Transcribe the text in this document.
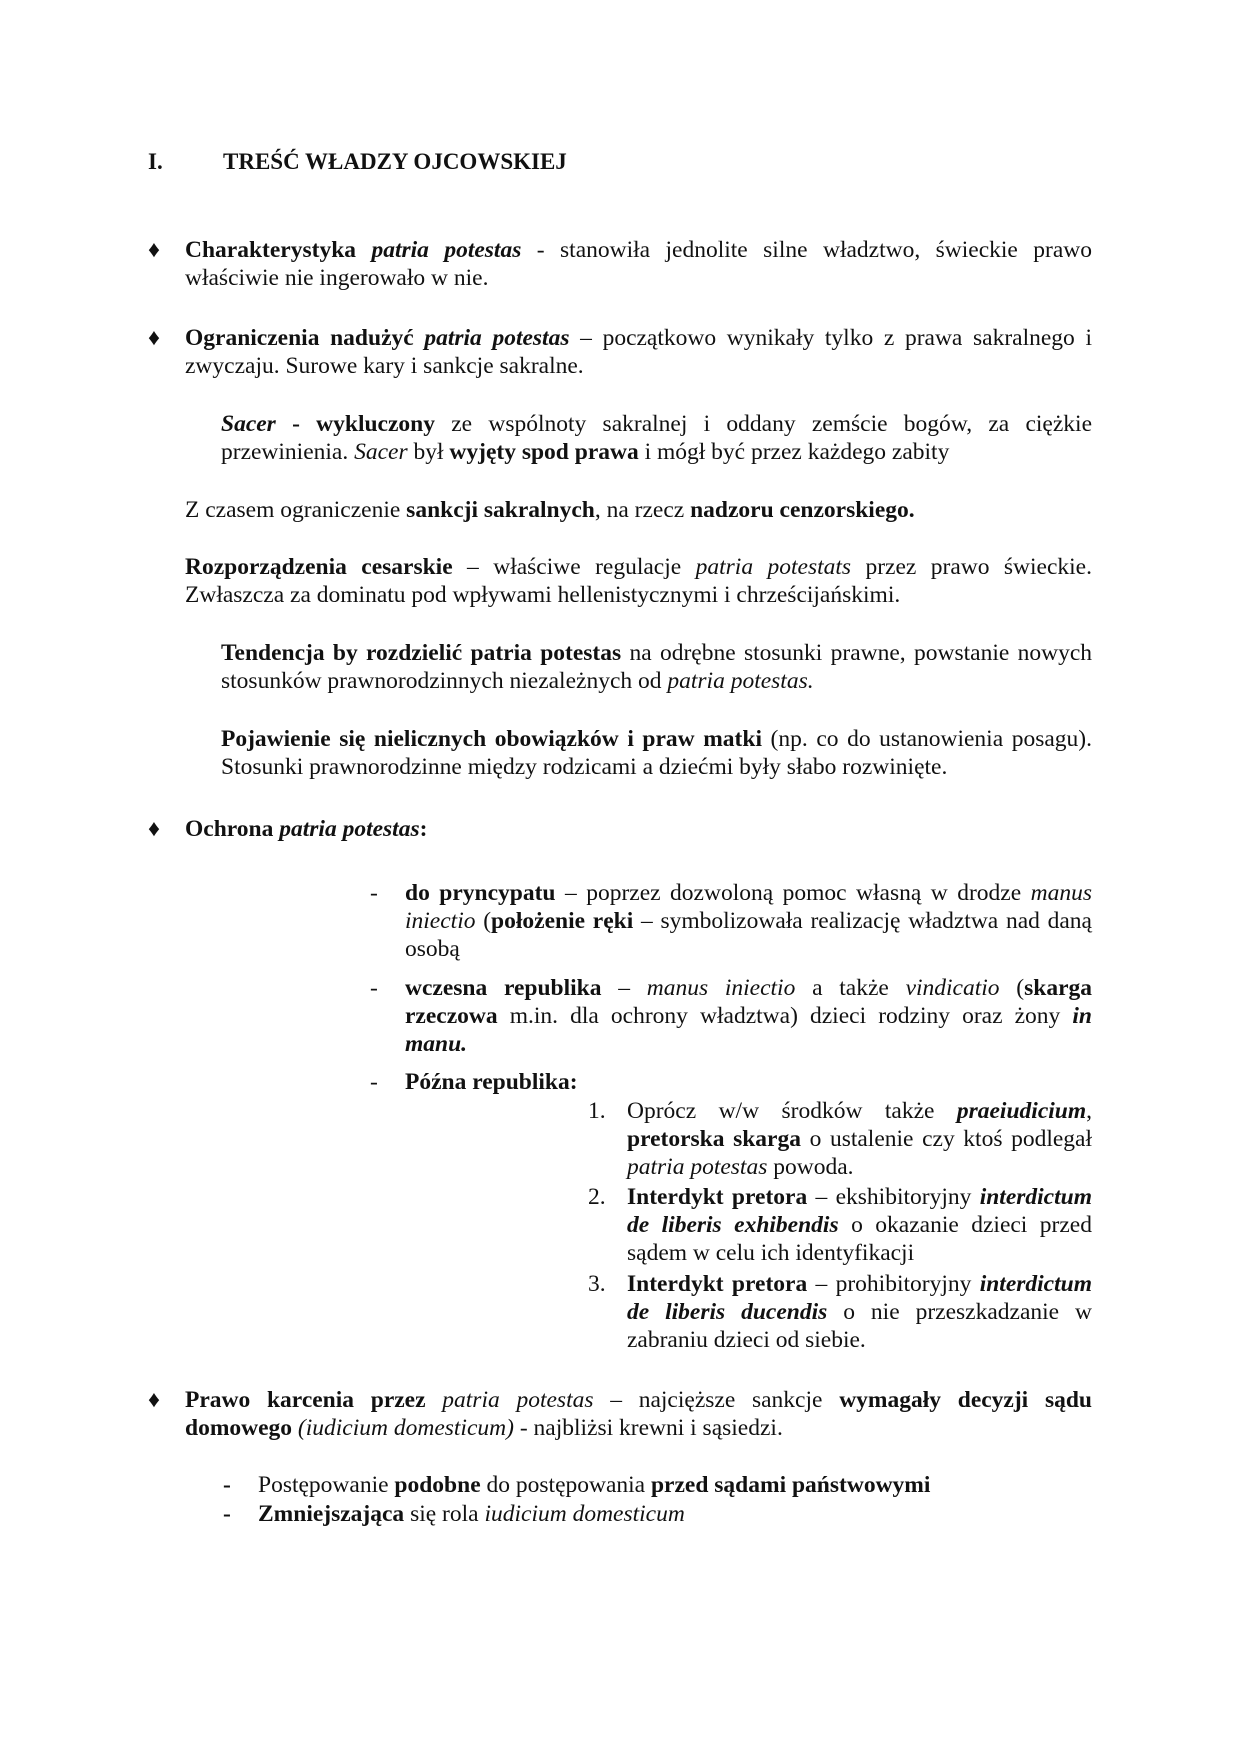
I.	TREŚĆ WŁADZY OJCOWSKIEJ
♦ Charakterystyka patria potestas - stanowiła jednolite silne władztwo, świeckie prawo właściwie nie ingerowało w nie.
♦ Ograniczenia nadużyć patria potestas – początkowo wynikały tylko z prawa sakralnego i zwyczaju. Surowe kary i sankcje sakralne.
Sacer - wykluczony ze wspólnoty sakralnej i oddany zemście bogów, za ciężkie przewinienia. Sacer był wyjęty spod prawa i mógł być przez każdego zabity
Z czasem ograniczenie sankcji sakralnych, na rzecz nadzoru cenzorskiego.
Rozporządzenia cesarskie – właściwe regulacje patria potestats przez prawo świeckie. Zwłaszcza za dominatu pod wpływami hellenistycznymi i chrześcijańskimi.
Tendencja by rozdzielić patria potestas na odrębne stosunki prawne, powstanie nowych stosunków prawnorodzinnych niezależnych od patria potestas.
Pojawienie się nielicznych obowiązków i praw matki (np. co do ustanowienia posagu). Stosunki prawnorodzinne między rodzicami a dziećmi były słabo rozwinięte.
♦ Ochrona patria potestas:
- do pryncypatu – poprzez dozwoloną pomoc własną w drodze manus iniectio (położenie ręki – symbolizowała realizację władztwa nad daną osobą
- wczesna republika – manus iniectio a także vindicatio (skarga rzeczowa m.in. dla ochrony władztwa) dzieci rodziny oraz żony in manu.
- Późna republika:
1. Oprócz w/w środków także praeiudicium, pretorska skarga o ustalenie czy ktoś podlegał patria potestas powoda.
2. Interdykt pretora – ekshibitoryjny interdictum de liberis exhibendis o okazanie dzieci przed sądem w celu ich identyfikacji
3. Interdykt pretora – prohibitoryjny interdictum de liberis ducendis o nie przeszkadzanie w zabraniu dzieci od siebie.
♦ Prawo karcenia przez patria potestas – najcięższe sankcje wymagały decyzji sądu domowego (iudicium domesticum) - najbliżsi krewni i sąsiedzi.
- Postępowanie podobne do postępowania przed sądami państwowymi
- Zmniejszająca się rola iudicium domesticum
